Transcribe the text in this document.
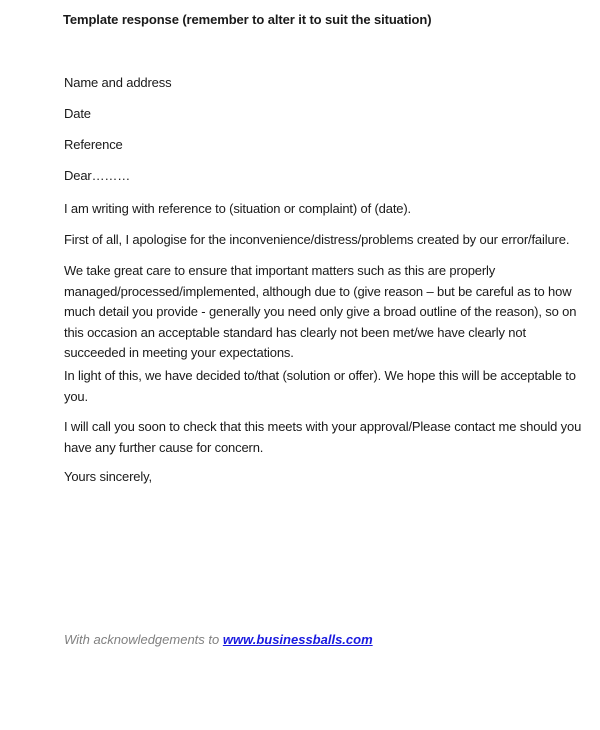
Template response (remember to alter it to suit the situation)
Name and address
Date
Reference
Dear………
I am writing with reference to (situation or complaint) of (date).
First of all, I apologise for the inconvenience/distress/problems created by our error/failure.
We take great care to ensure that important matters such as this are properly
managed/processed/implemented, although due to (give reason – but be careful as to how
much detail you provide - generally you need only give a broad outline of the reason), so on
this occasion an acceptable standard has clearly not been met/we have clearly not
succeeded in meeting your expectations.
In light of this, we have decided to/that (solution or offer). We hope this will be acceptable to
you.
I will call you soon to check that this meets with your approval/Please contact me should you
have any further cause for concern.
Yours sincerely,
With acknowledgements to www.businessballs.com
